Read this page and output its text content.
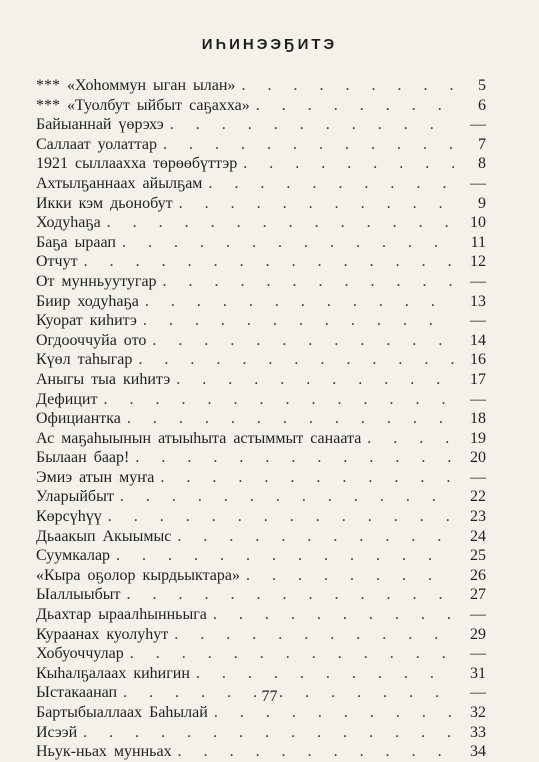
ИҺИНЭЭҔИТЭ
*** «Хоһоммун ыган ылан» . . .	5
*** «Туолбут ыйбыт саҕахха» . . .	6
Байыаннай үөрэхэ . . .	—
Саллаат уолаттар . . .	7
1921 сыллаахха төрөөбүттэр . . .	8
Ахтылҕаннаах айылҕам . . .	—
Икки кэм дьонобут . . .	9
Ходуһаҕа . . .	10
Баҕа ыраап . . .	11
Отчут . . .	12
От мунньуутугар . . .	—
Биир ходуһаҕа . . .	13
Куорат киһитэ . . .	—
Огдооччуйа ото . . .	14
Күөл таһыгар . . .	16
Аныгы тыа киһитэ . . .	17
Дефицит . . .	—
Официантка . . .	18
Ас маҕаһыынын атыыһыта астыммыт санаата . . .	19
Былаан баар! . . .	20
Эмиэ атын муҥа . . .	—
Уларыйбыт . . .	22
Көрсүһүү . . .	23
Дьаакып Акыымыс . . .	24
Суумкалар . . .	25
«Кыра оҕолор кырдьыктара» . . .	26
Ыаллыыбыт . . .	27
Дьахтар ыраалһынньыга . . .	—
Кураанах куолуһут . . .	29
Хобуоччулар . . .	—
Кыһалҕалаах киһигин . . .	31
Ыстакаанап . . .	—
Бартыбыаллаах Баһылай . . .	32
Исээй . . .	33
Ньук-ньах мунньах . . .	34
77
